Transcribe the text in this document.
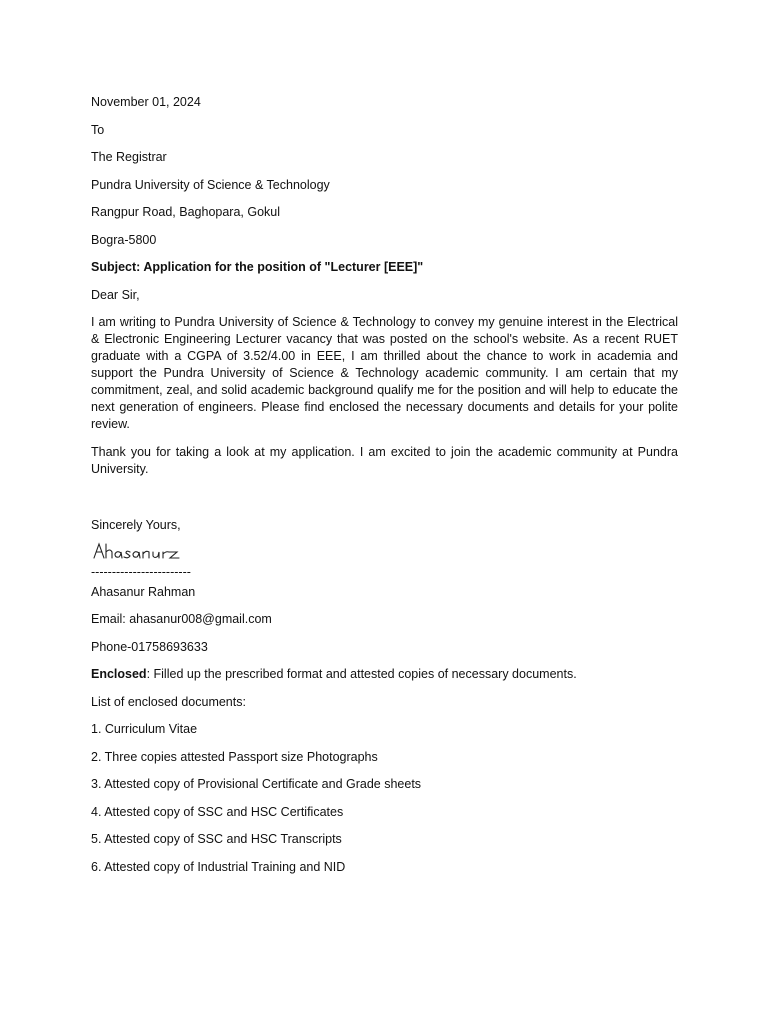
November 01, 2024
To
The Registrar
Pundra University of Science & Technology
Rangpur Road, Baghopara, Gokul
Bogra-5800
Subject: Application for the position of "Lecturer [EEE]"
Dear Sir,
I am writing to Pundra University of Science & Technology to convey my genuine interest in the Electrical & Electronic Engineering Lecturer vacancy that was posted on the school's website. As a recent RUET graduate with a CGPA of 3.52/4.00 in EEE, I am thrilled about the chance to work in academia and support the Pundra University of Science & Technology academic community. I am certain that my commitment, zeal, and solid academic background qualify me for the position and will help to educate the next generation of engineers. Please find enclosed the necessary documents and details for your polite review.
Thank you for taking a look at my application. I am excited to join the academic community at Pundra University.
Sincerely Yours,
------------------------
Ahasanur Rahman
Email: ahasanur008@gmail.com
Phone-01758693633
Enclosed: Filled up the prescribed format and attested copies of necessary documents.
List of enclosed documents:
1. Curriculum Vitae
2. Three copies attested Passport size Photographs
3. Attested copy of Provisional Certificate and Grade sheets
4. Attested copy of SSC and HSC Certificates
5. Attested copy of SSC and HSC Transcripts
6. Attested copy of Industrial Training and NID
